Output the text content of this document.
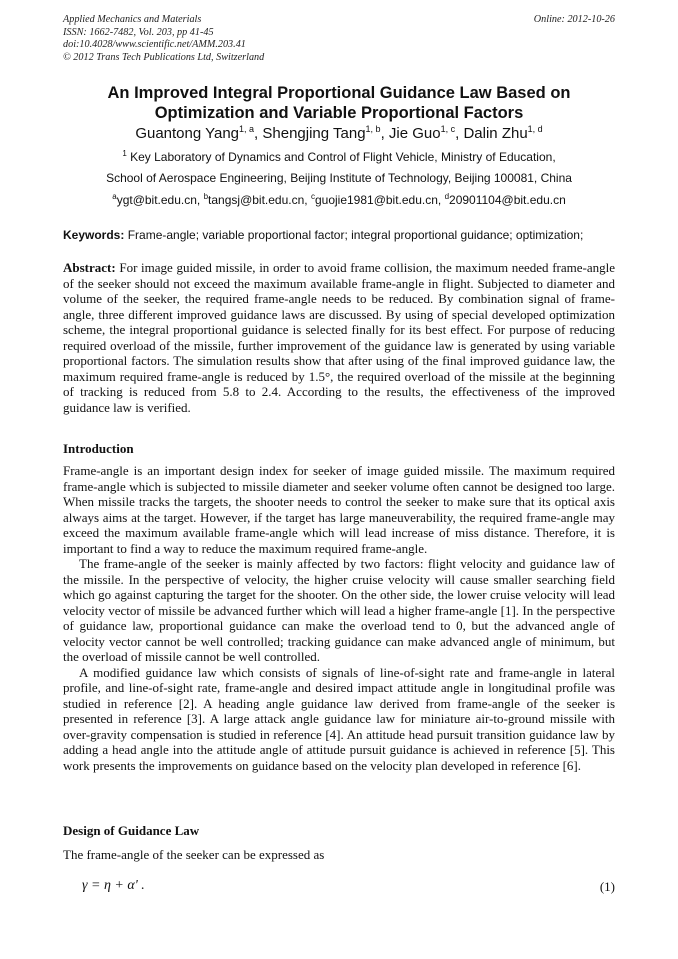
Applied Mechanics and Materials	Online: 2012-10-26
ISSN: 1662-7482, Vol. 203, pp 41-45
doi:10.4028/www.scientific.net/AMM.203.41
© 2012 Trans Tech Publications Ltd, Switzerland
An Improved Integral Proportional Guidance Law Based on
Optimization and Variable Proportional Factors
Guantong Yang$^{1, a}$, Shengjing Tang$^{1, b}$, Jie Guo$^{1, c}$, Dalin Zhu$^{1, d}$
$^1$ Key Laboratory of Dynamics and Control of Flight Vehicle, Ministry of Education,
School of Aerospace Engineering, Beijing Institute of Technology, Beijing 100081, China
$^a$ygt@bit.edu.cn, $^b$tangsj@bit.edu.cn, $^c$guojie1981@bit.edu.cn, $^d$20901104@bit.edu.cn
Keywords: Frame-angle; variable proportional factor; integral proportional guidance; optimization;

Abstract: For image guided missile, in order to avoid frame collision, the maximum needed frame-angle of the seeker should not exceed the maximum available frame-angle in flight. Subjected to diameter and volume of the seeker, the required frame-angle needs to be reduced. By combination signal of frame-angle, three different improved guidance laws are discussed. By using of special developed optimization scheme, the integral proportional guidance is selected finally for its best effect. For purpose of reducing required overload of the missile, further improvement of the guidance law is generated by using variable proportional factors. The simulation results show that after using of the final improved guidance law, the maximum required frame-angle is reduced by 1.5°, the required overload of the missile at the beginning of tracking is reduced from 5.8 to 2.4. According to the results, the effectiveness of the improved guidance law is verified.

Introduction

Frame-angle is an important design index for seeker of image guided missile. The maximum required frame-angle which is subjected to missile diameter and seeker volume often cannot be designed too large. When missile tracks the targets, the shooter needs to control the seeker to make sure that its optical axis always aims at the target. However, if the target has large maneuverability, the required frame-angle may exceed the maximum available frame-angle which will lead increase of miss distance. Therefore, it is important to find a way to reduce the maximum required frame-angle.

The frame-angle of the seeker is mainly affected by two factors: flight velocity and guidance law of the missile. In the perspective of velocity, the higher cruise velocity will cause smaller searching field which go against capturing the target for the shooter. On the other side, the lower cruise velocity will lead velocity vector of missile be advanced further which will lead a higher frame-angle [1]. In the perspective of guidance law, proportional guidance can make the overload tend to 0, but the advanced angle of velocity vector cannot be well controlled; tracking guidance can make advanced angle of minimum, but the overload of missile cannot be well controlled.

A modified guidance law which consists of signals of line-of-sight rate and frame-angle in lateral profile, and line-of-sight rate, frame-angle and desired impact attitude angle in longitudinal profile was studied in reference [2]. A heading angle guidance law derived from frame-angle of the seeker is presented in reference [3]. A large attack angle guidance law for miniature air-to-ground missile with over-gravity compensation is studied in reference [4]. An attitude head pursuit transition guidance law by adding a head angle into the attitude angle of attitude pursuit guidance is achieved in reference [5]. This work presents the improvements on guidance based on the velocity plan developed in reference [6].

Design of Guidance Law

The frame-angle of the seeker can be expressed as

γ = η + α' .	(1)
